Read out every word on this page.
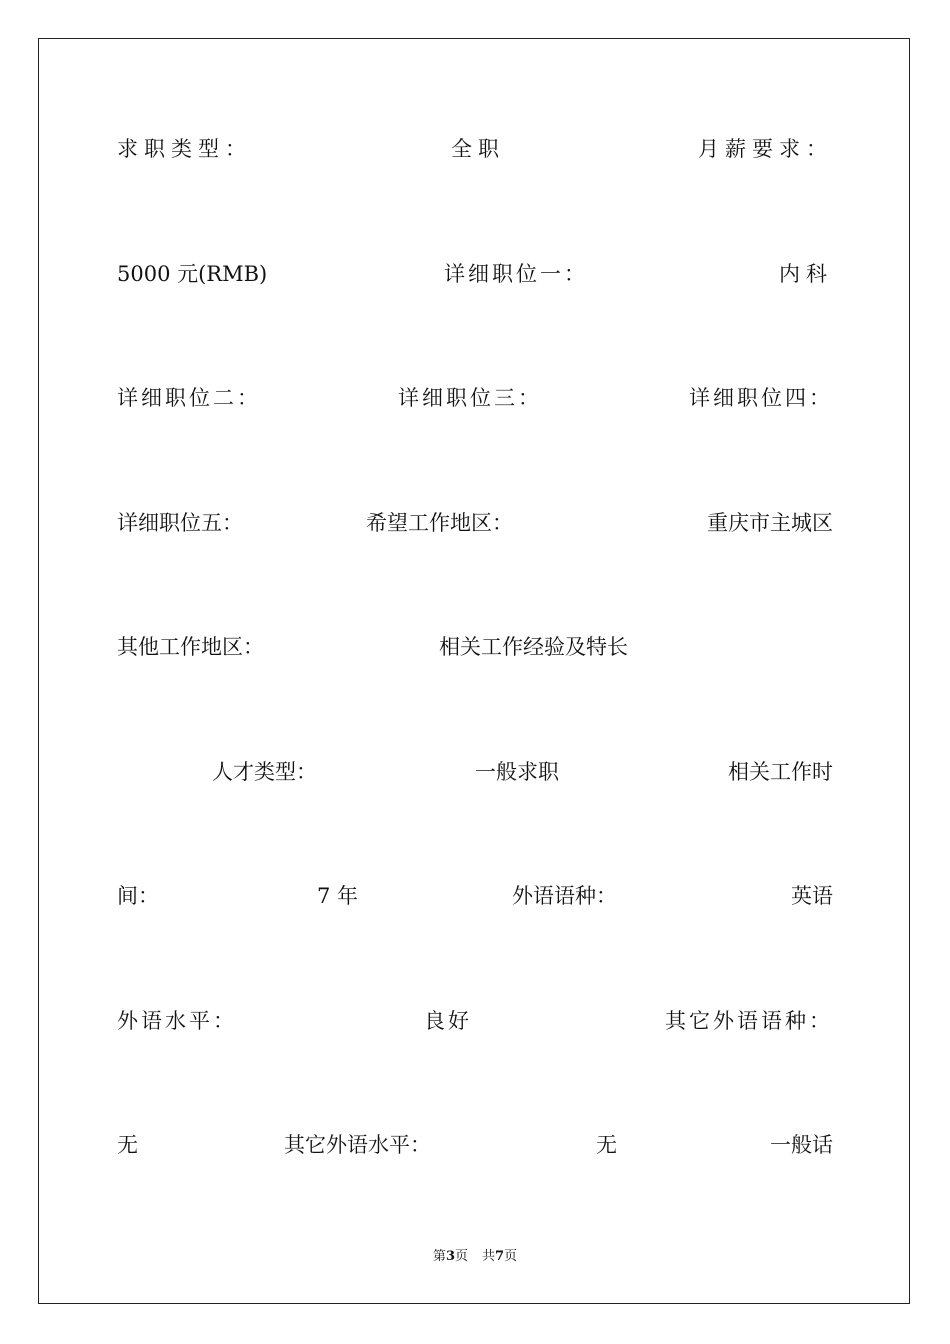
求职类型：	全职	月薪要求：
5000 元(RMB)	详细职位一：	内科
详细职位二：	详细职位三：	详细职位四：
详细职位五：	希望工作地区：	重庆市主城区
其他工作地区：	相关工作经验及特长
人才类型：	一般求职	相关工作时
间：	7 年	外语语种：	英语
外语水平：	良好	其它外语语种：
无	其它外语水平：	无	一般话
第3页 共7页
